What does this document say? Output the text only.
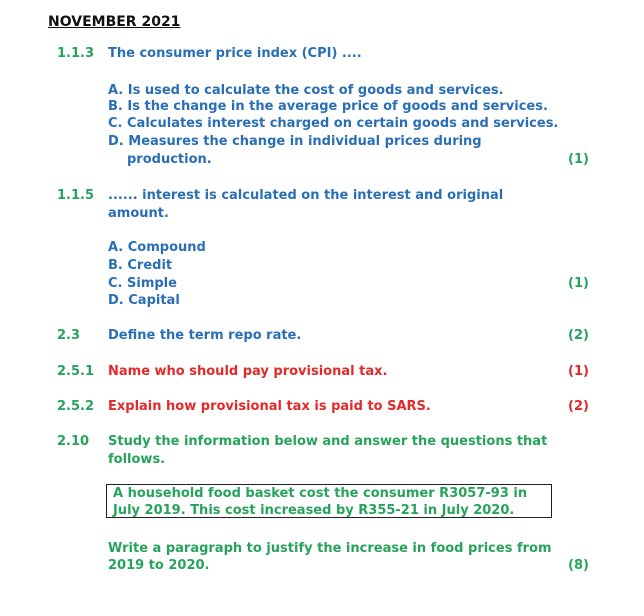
NOVEMBER 2021
1.1.3 The consumer price index (CPI) ....
A. Is used to calculate the cost of goods and services.
B. Is the change in the average price of goods and services.
C. Calculates interest charged on certain goods and services.
D. Measures the change in individual prices during
production.	(1)
1.1.5 ...... interest is calculated on the interest and original
amount.
A. Compound
B. Credit
C. Simple
D. Capital
(1)
2.3 Define the term repo rate.	(2)
2.5.1 Name who should pay provisional tax.	(1)
2.5.2 Explain how provisional tax is paid to SARS.	(2)
2.10 Study the information below and answer the questions that
follows.
A household food basket cost the consumer R3057-93 in
July 2019. This cost increased by R355-21 in July 2020.
Write a paragraph to justify the increase in food prices from
2019 to 2020.	(8)
